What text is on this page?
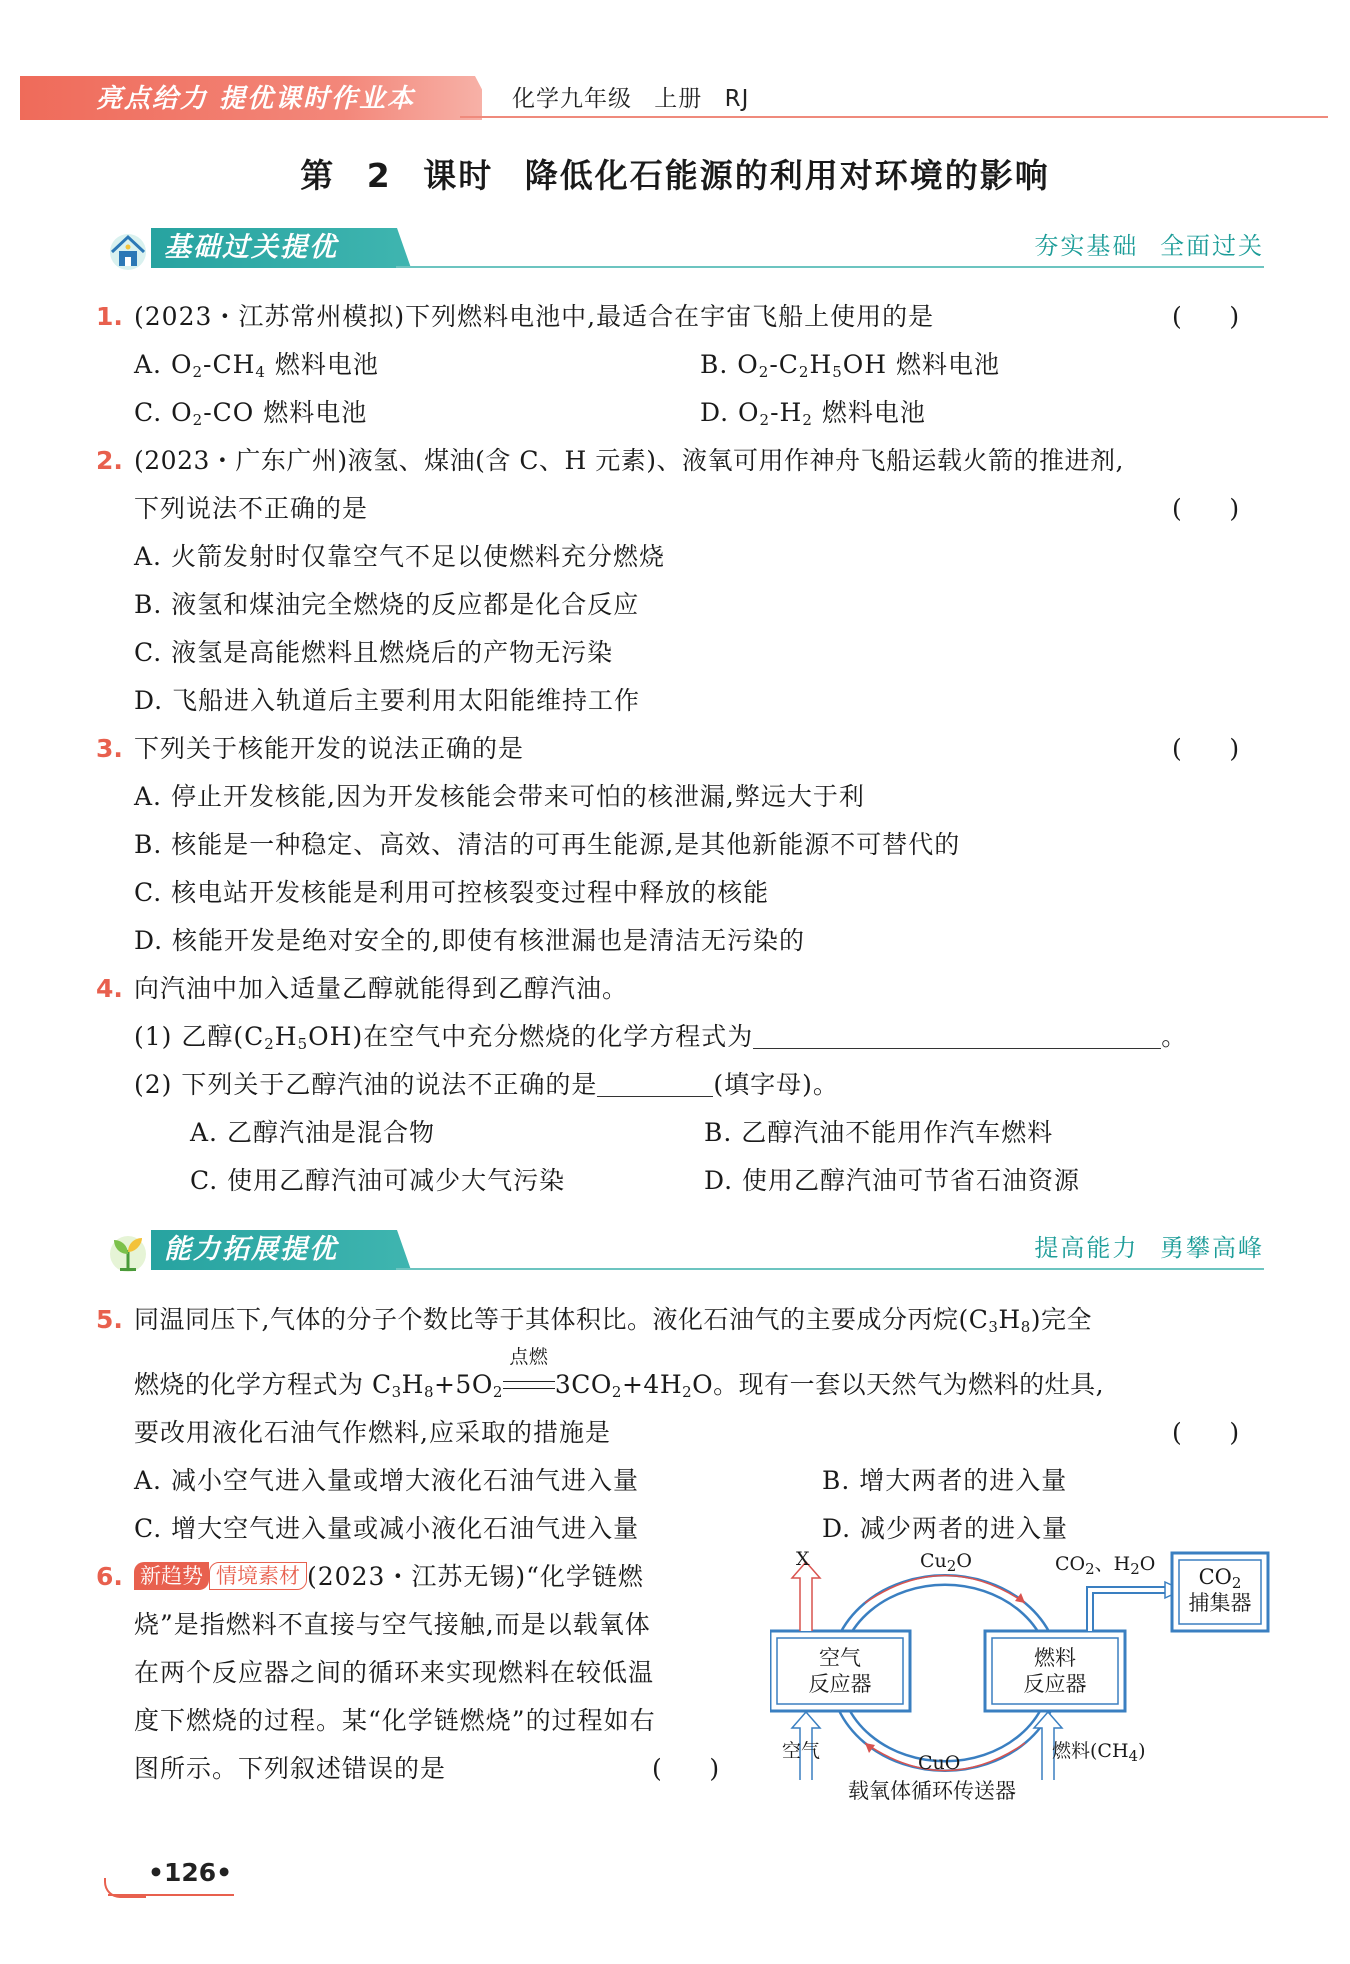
亮点给力 提优课时作业本	化学九年级 上册 RJ
第 2 课时 降低化石能源的利用对环境的影响
基础过关提优	夯实基础 全面过关
1. (2023・江苏常州模拟)下列燃料电池中,最适合在宇宙飞船上使用的是	(      )
A. $O_2-CH_4$ 燃料电池	B. $O_2-C_2H_5OH$ 燃料电池
C. $O_2-CO$ 燃料电池	D. $O_2-H_2$ 燃料电池
2. (2023・广东广州)液氢、煤油(含 C、H 元素)、液氧可用作神舟飞船运载火箭的推进剂,
下列说法不正确的是	(      )
A. 火箭发射时仅靠空气不足以使燃料充分燃烧
B. 液氢和煤油完全燃烧的反应都是化合反应
C. 液氢是高能燃料且燃烧后的产物无污染
D. 飞船进入轨道后主要利用太阳能维持工作
3. 下列关于核能开发的说法正确的是	(      )
A. 停止开发核能,因为开发核能会带来可怕的核泄漏,弊远大于利
B. 核能是一种稳定、高效、清洁的可再生能源,是其他新能源不可替代的
C. 核电站开发核能是利用可控核裂变过程中释放的核能
D. 核能开发是绝对安全的,即使有核泄漏也是清洁无污染的
4. 向汽油中加入适量乙醇就能得到乙醇汽油。
(1) 乙醇$(C_2H_5OH)$在空气中充分燃烧的化学方程式为	。
(2) 下列关于乙醇汽油的说法不正确的是	(填字母)。
A. 乙醇汽油是混合物	B. 乙醇汽油不能用作汽车燃料
C. 使用乙醇汽油可减少大气污染	D. 使用乙醇汽油可节省石油资源
能力拓展提优	提高能力 勇攀高峰
5. 同温同压下,气体的分子个数比等于其体积比。液化石油气的主要成分丙烷$(C_3H_8)$完全
燃烧的化学方程式为 $C_3H_8+5O_2$
点燃
$3CO_2+4H_2O$。现有一套以天然气为燃料的灶具,
要改用液化石油气作燃料,应采取的措施是	(      )
A. 减小空气进入量或增大液化石油气进入量	B. 增大两者的进入量
C. 增大空气进入量或减小液化石油气进入量	D. 减少两者的进入量
6. 新趋势 情境素材 (2023・江苏无锡)“化学链燃
烧”是指燃料不直接与空气接触,而是以载氧体
在两个反应器之间的循环来实现燃料在较低温
度下燃烧的过程。某“化学链燃烧”的过程如右
图所示。下列叙述错误的是	(      )
X	$Cu_2O$	$CO_2$、$H_2O$
$CO_2$
捕集器
空气
反应器
燃料
反应器
空气
CuO
燃料$(CH_4)$
载氧体循环传送器
•126•
